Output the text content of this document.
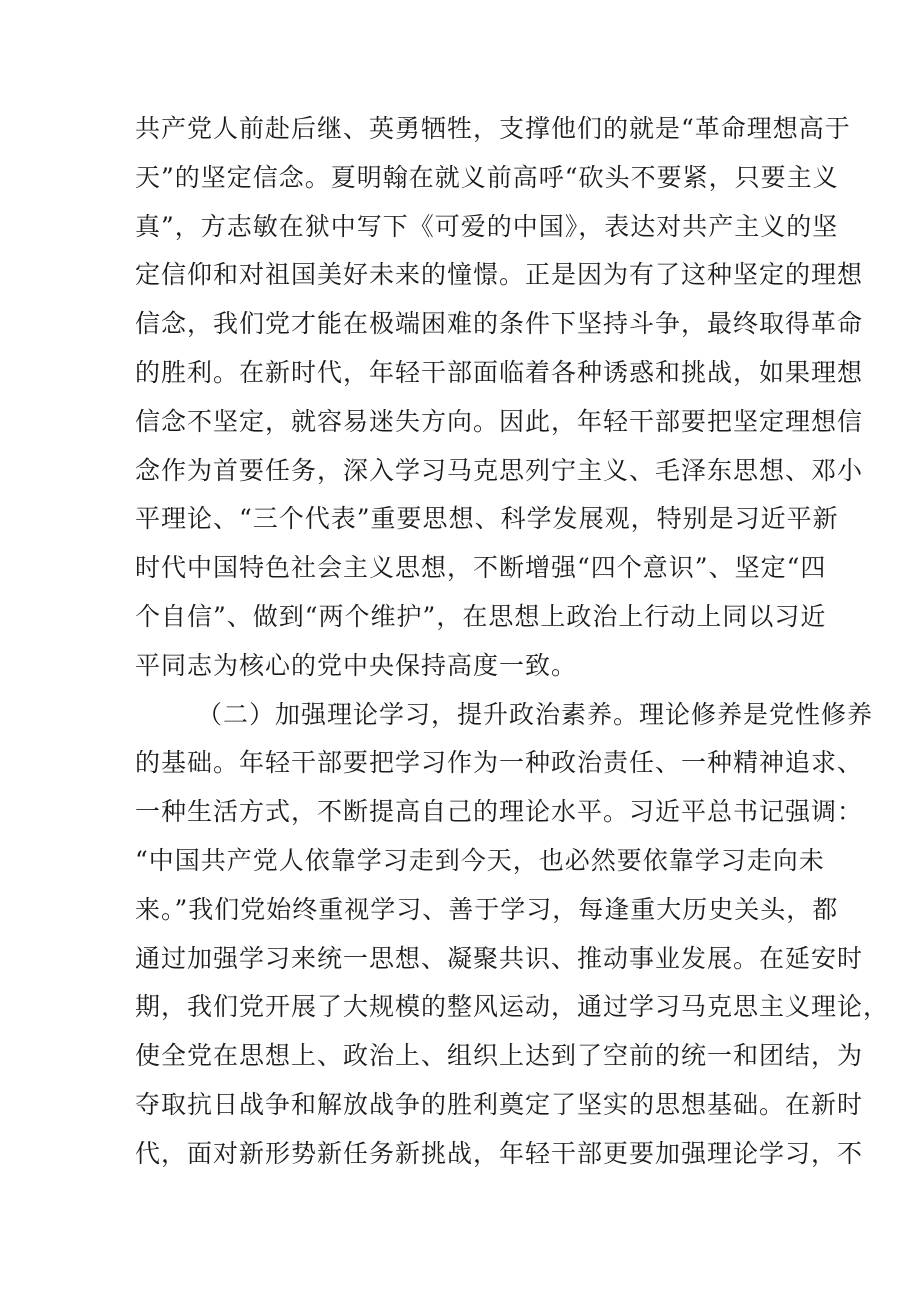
共产党人前赴后继、英勇牺牲，支撑他们的就是“革命理想高于
天”的坚定信念。夏明翰在就义前高呼“砍头不要紧，只要主义
真”，方志敏在狱中写下《可爱的中国》，表达对共产主义的坚
定信仰和对祖国美好未来的憧憬。正是因为有了这种坚定的理想
信念，我们党才能在极端困难的条件下坚持斗争，最终取得革命
的胜利。在新时代，年轻干部面临着各种诱惑和挑战，如果理想
信念不坚定，就容易迷失方向。因此，年轻干部要把坚定理想信
念作为首要任务，深入学习马克思列宁主义、毛泽东思想、邓小
平理论、“三个代表”重要思想、科学发展观，特别是习近平新
时代中国特色社会主义思想，不断增强“四个意识”、坚定“四
个自信”、做到“两个维护”，在思想上政治上行动上同以习近
平同志为核心的党中央保持高度一致。
（二）加强理论学习，提升政治素养。理论修养是党性修养
的基础。年轻干部要把学习作为一种政治责任、一种精神追求、
一种生活方式，不断提高自己的理论水平。习近平总书记强调：
“中国共产党人依靠学习走到今天，也必然要依靠学习走向未
来。”我们党始终重视学习、善于学习，每逢重大历史关头，都
通过加强学习来统一思想、凝聚共识、推动事业发展。在延安时
期，我们党开展了大规模的整风运动，通过学习马克思主义理论，
使全党在思想上、政治上、组织上达到了空前的统一和团结，为
夺取抗日战争和解放战争的胜利奠定了坚实的思想基础。在新时
代，面对新形势新任务新挑战，年轻干部更要加强理论学习，不
